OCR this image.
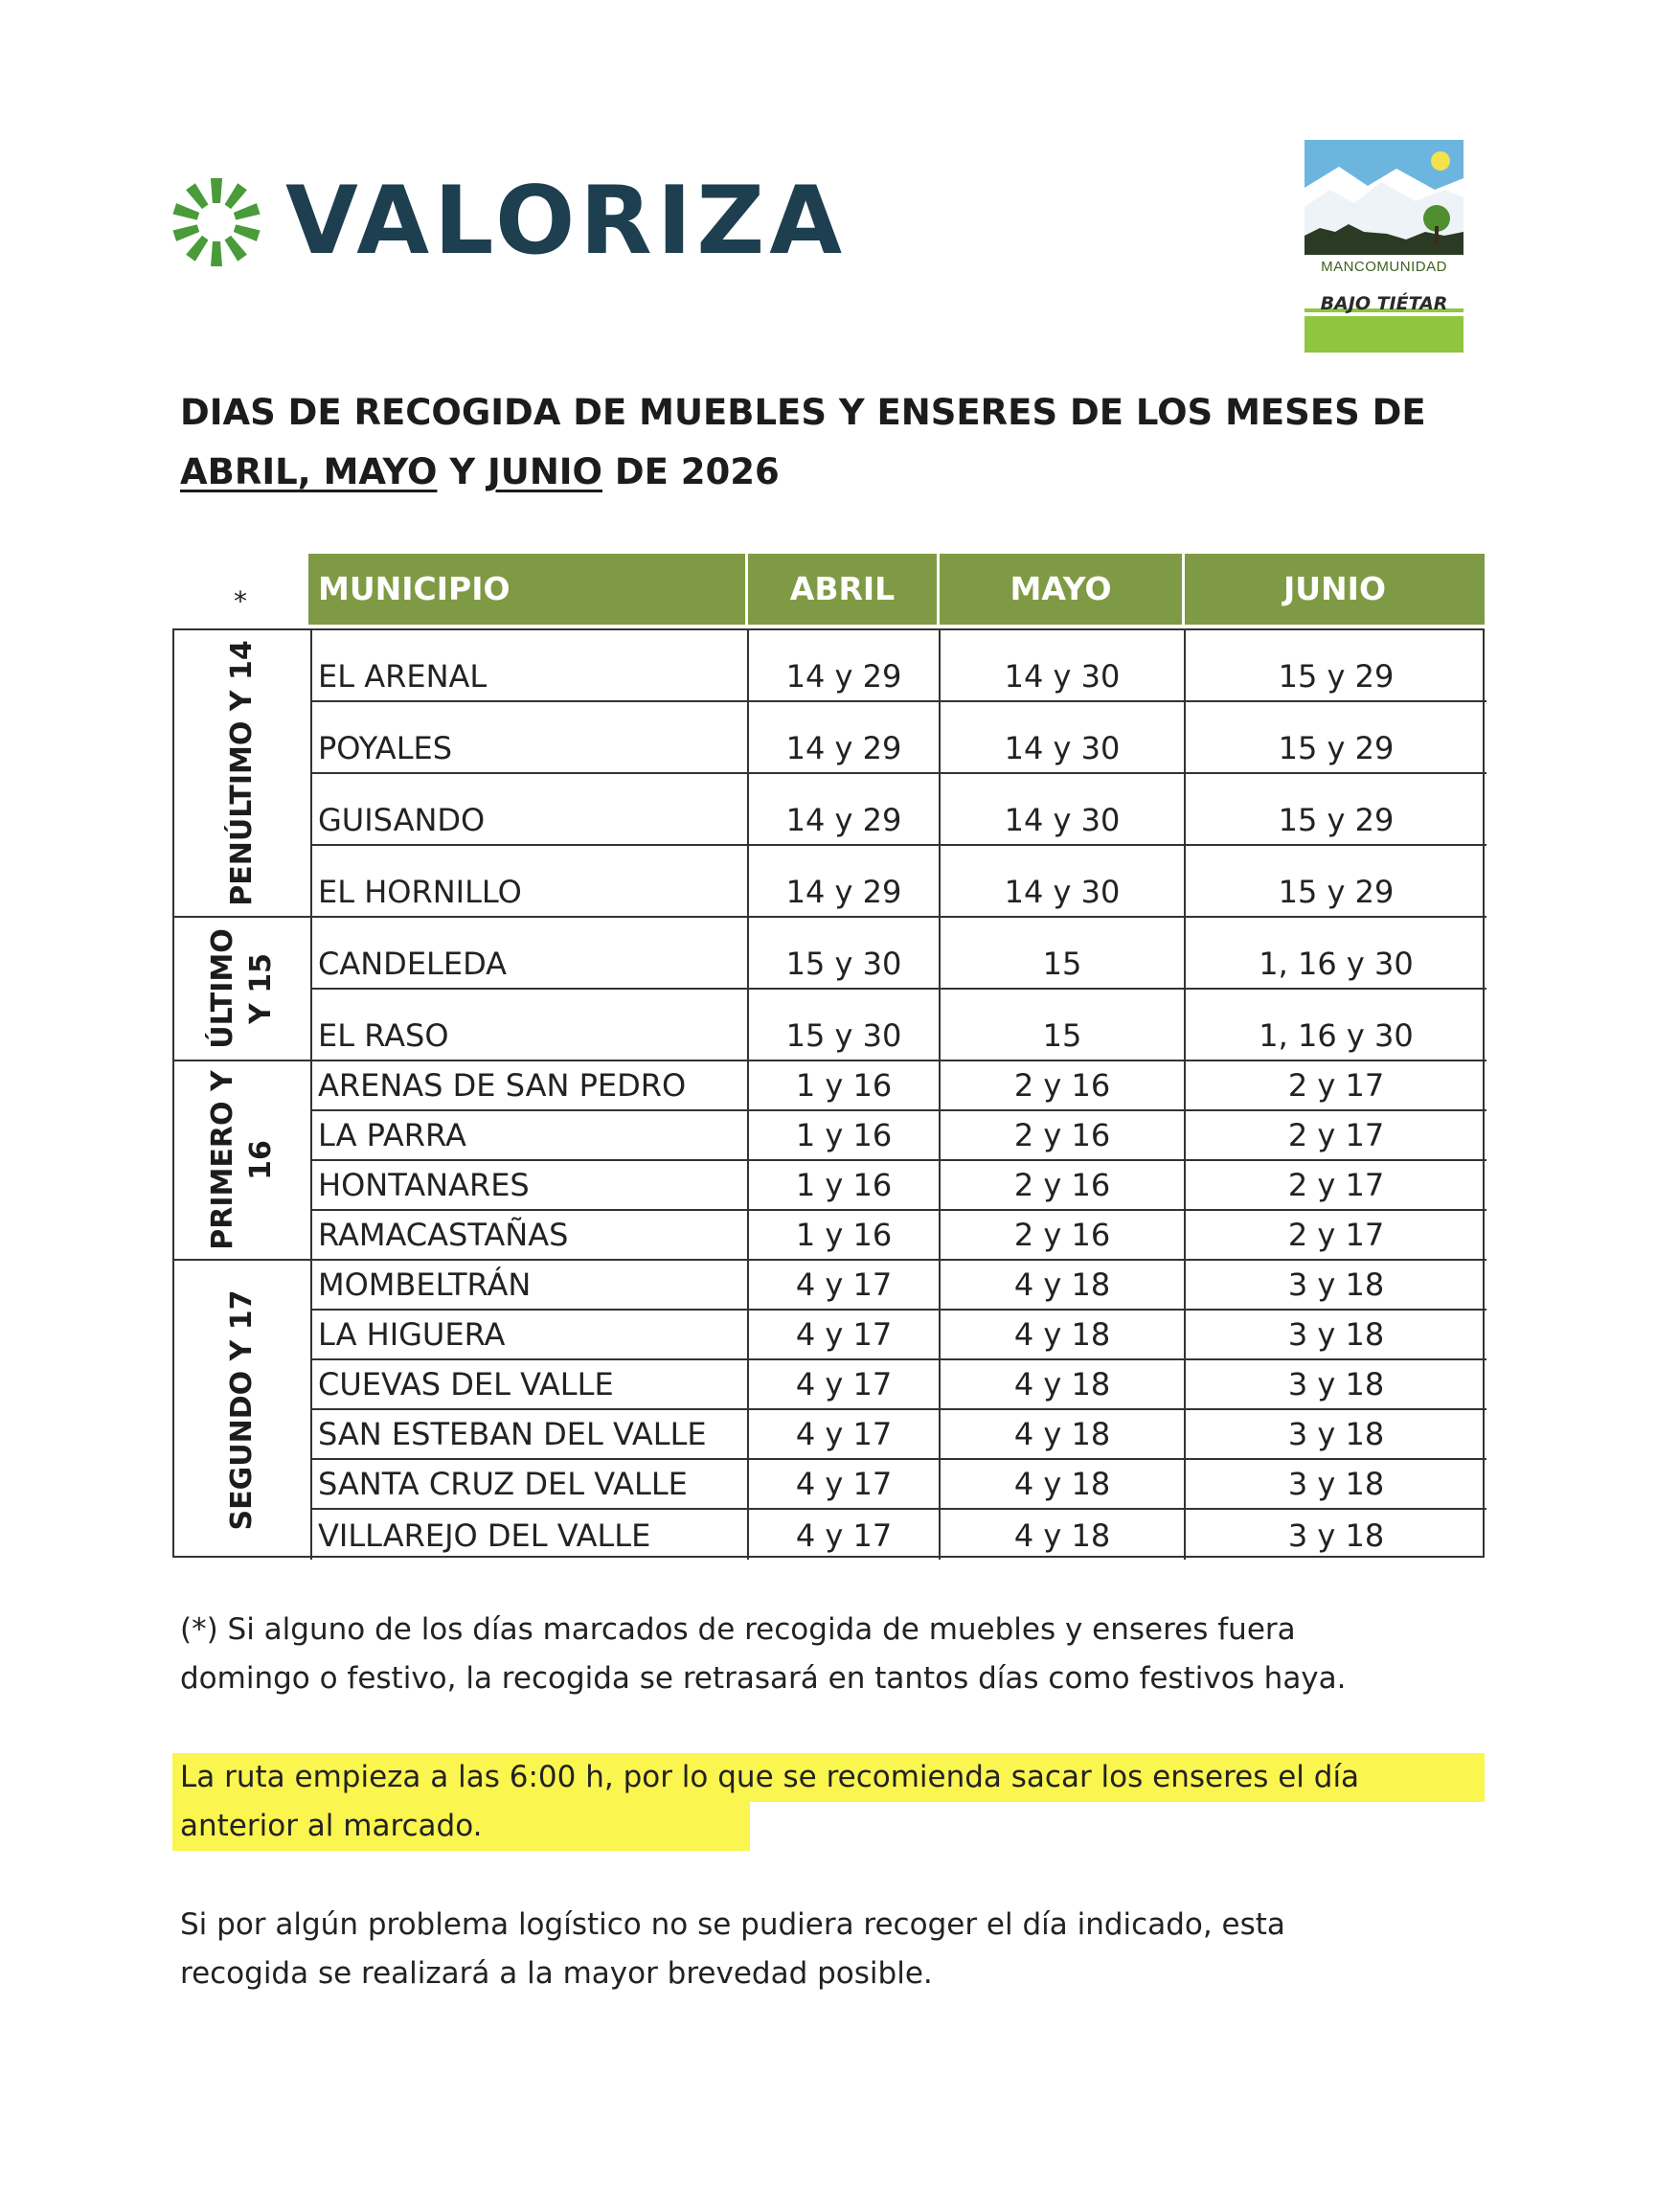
VALORIZA	MANCOMUNIDAD
BAJO TIÉTAR
DIAS DE RECOGIDA DE MUEBLES Y ENSERES DE LOS MESES DE
ABRIL, MAYO Y JUNIO DE 2026
*	MUNICIPIO	ABRIL	MAYO	JUNIO
PENÚLTIMO Y 14 EL ARENAL	14 y 29	14 y 30	15 y 29
POYALES	14 y 29	14 y 30	15 y 29
GUISANDO	14 y 29	14 y 30	15 y 29
EL HORNILLO	14 y 29	14 y 30	15 y 29
ÚLTIMO Y 15 CANDELEDA	15 y 30	15	1, 16 y 30
EL RASO	15 y 30	15	1, 16 y 30
PRIMERO Y 16
ARENAS DE SAN PEDRO	1 y 16	2 y 16	2 y 17
LA PARRA	1 y 16	2 y 16	2 y 17
HONTANARES	1 y 16	2 y 16	2 y 17
RAMACASTAÑAS	1 y 16	2 y 16	2 y 17
SEGUNDO Y 17
MOMBELTRÁN	4 y 17	4 y 18	3 y 18
LA HIGUERA	4 y 17	4 y 18	3 y 18
CUEVAS DEL VALLE	4 y 17	4 y 18	3 y 18
SAN ESTEBAN DEL VALLE	4 y 17	4 y 18	3 y 18
SANTA CRUZ DEL VALLE	4 y 17	4 y 18	3 y 18
VILLAREJO DEL VALLE	4 y 17	4 y 18	3 y 18
(*) Si alguno de los días marcados de recogida de muebles y enseres fuera
domingo o festivo, la recogida se retrasará en tantos días como festivos haya.
La ruta empieza a las 6:00 h, por lo que se recomienda sacar los enseres el día
anterior al marcado.
Si por algún problema logístico no se pudiera recoger el día indicado, esta
recogida se realizará a la mayor brevedad posible.
